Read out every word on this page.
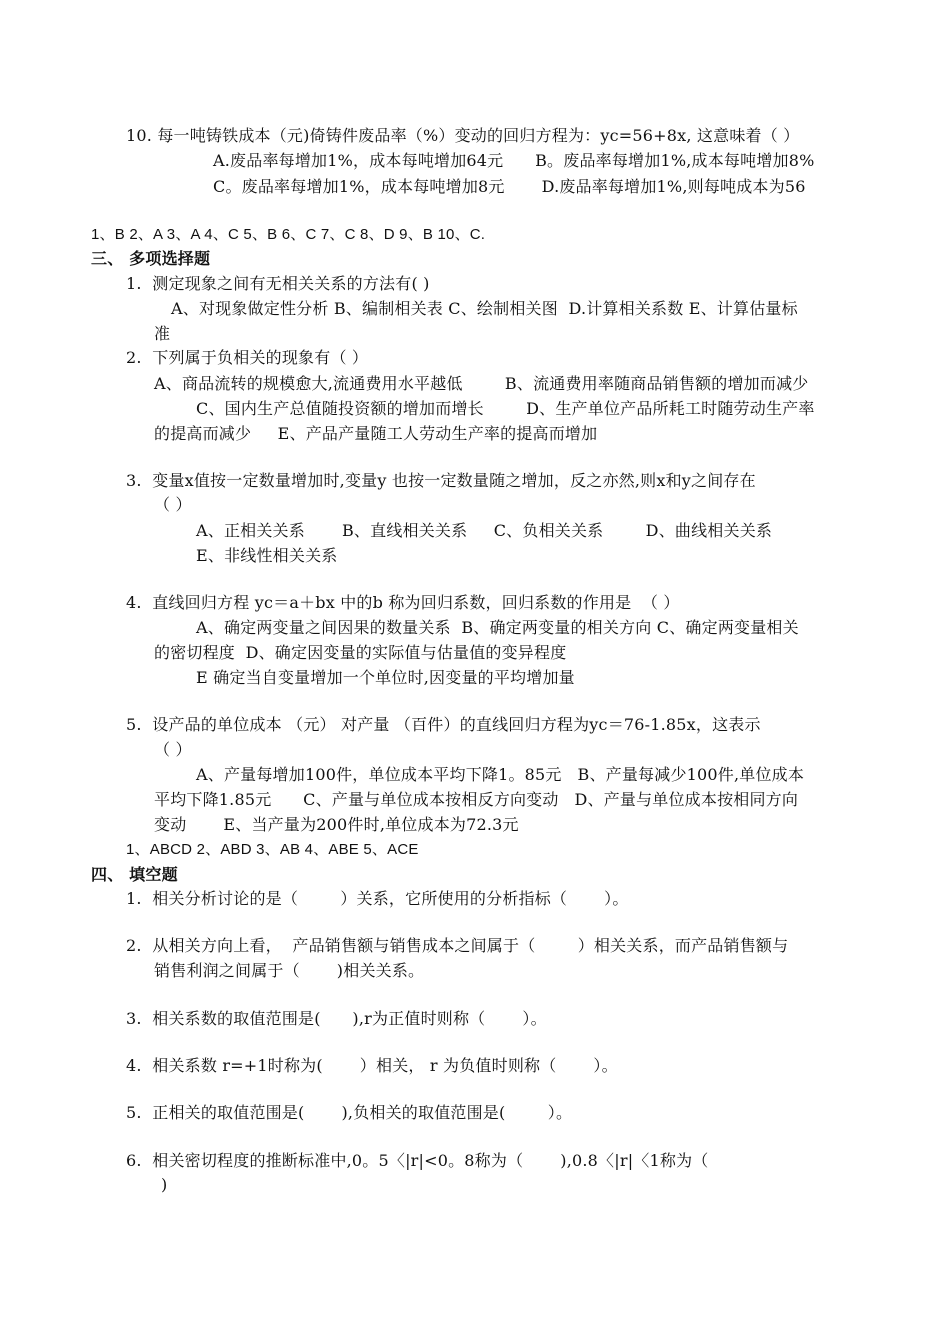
10. 每一吨铸铁成本（元)倚铸件废品率（%）变动的回归方程为：yc=56+8x, 这意味着（ ）
A.废品率每增加1%，成本每吨增加64元      B。废品率每增加1%,成本每吨增加8%
C。废品率每增加1%，成本每吨增加8元       D.废品率每增加1%,则每吨成本为56
1、B 2、A 3、A 4、C 5、B 6、C 7、C 8、D 9、B 10、C.
三、 多项选择题
1.  测定现象之间有无相关关系的方法有( )
A、对现象做定性分析 B、编制相关表 C、绘制相关图  D.计算相关系数 E、计算估量标
准
2.  下列属于负相关的现象有（ ）
A、商品流转的规模愈大,流通费用水平越低        B、流通费用率随商品销售额的增加而减少
C、国内生产总值随投资额的增加而增长        D、生产单位产品所耗工时随劳动生产率
的提高而减少     E、产品产量随工人劳动生产率的提高而增加
3.  变量x值按一定数量增加时,变量y 也按一定数量随之增加，反之亦然,则x和y之间存在
（ ）
A、正相关关系       B、直线相关关系     C、负相关关系        D、曲线相关关系
E、非线性相关关系
4.  直线回归方程 yc＝a＋bx 中的b 称为回归系数，回归系数的作用是  （ ）
A、确定两变量之间因果的数量关系  B、确定两变量的相关方向 C、确定两变量相关
的密切程度  D、确定因变量的实际值与估量值的变异程度
E 确定当自变量增加一个单位时,因变量的平均增加量
5.  设产品的单位成本 （元） 对产量 （百件）的直线回归方程为yc＝76-1.85x，这表示
（ ）
A、产量每增加100件，单位成本平均下降1。85元   B、产量每减少100件,单位成本
平均下降1.85元      C、产量与单位成本按相反方向变动   D、产量与单位成本按相同方向
变动       E、当产量为200件时,单位成本为72.3元
1、ABCD 2、ABD 3、AB 4、ABE 5、ACE
四、 填空题
1.  相关分析讨论的是（        ）关系，它所使用的分析指标（       ）。
2.  从相关方向上看，  产品销售额与销售成本之间属于（        ）相关关系，而产品销售额与
销售利润之间属于（       )相关关系。
3.  相关系数的取值范围是(      ),r为正值时则称（       ）。
4.  相关系数 r=+1时称为(       ）相关， r 为负值时则称（       ）。
5.  正相关的取值范围是(       ),负相关的取值范围是(        ）。
6.  相关密切程度的推断标准中,0。5〈|r|<0。8称为（       ),0.8〈|r|〈1称为（
)
